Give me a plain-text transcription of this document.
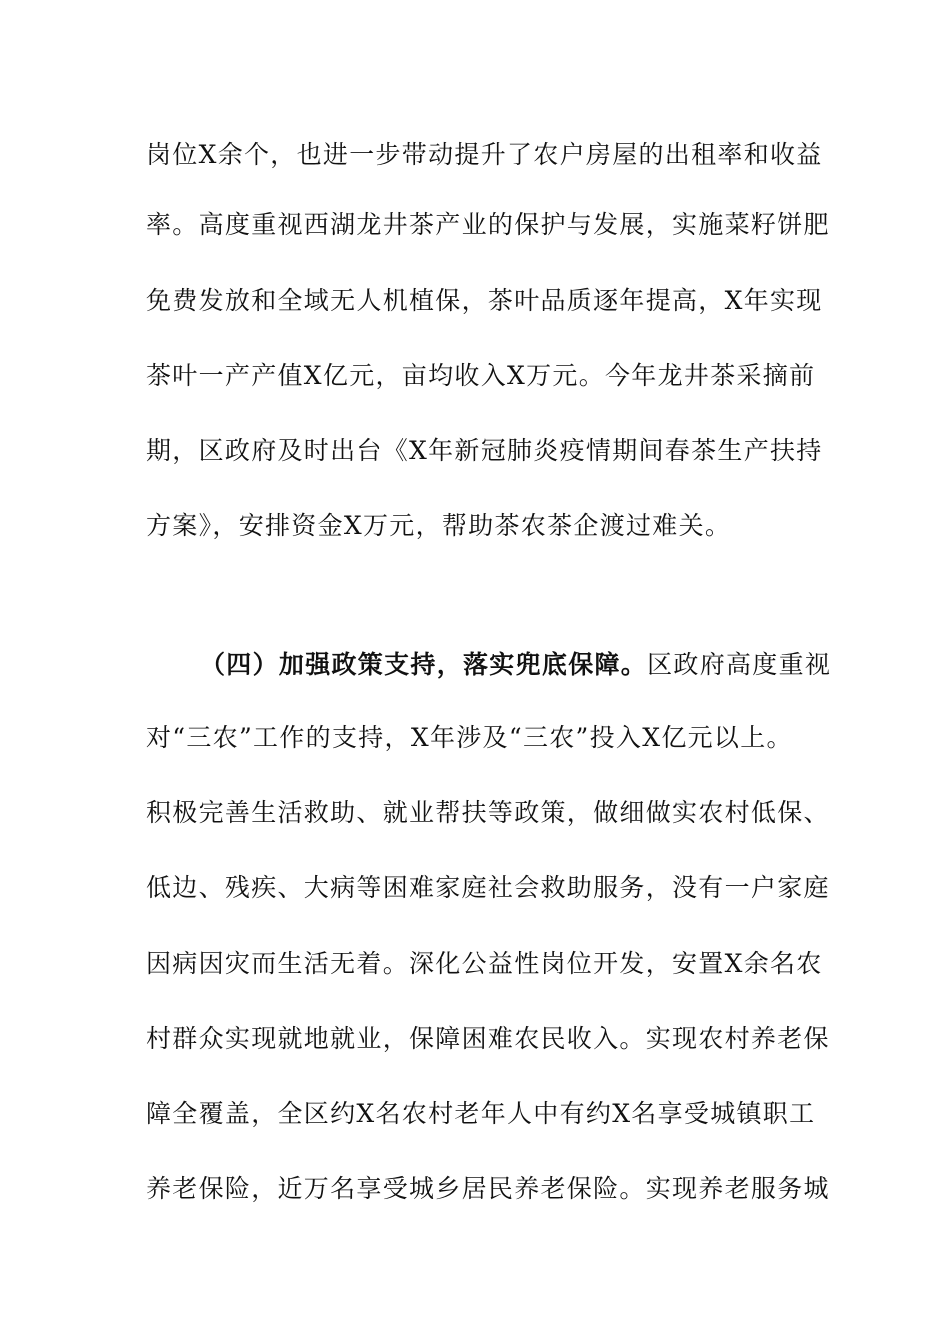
岗位X余个，也进一步带动提升了农户房屋的出租率和收益
率。高度重视西湖龙井茶产业的保护与发展，实施菜籽饼肥
免费发放和全域无人机植保，茶叶品质逐年提高，X年实现
茶叶一产产值X亿元，亩均收入X万元。今年龙井茶采摘前
期，区政府及时出台《X年新冠肺炎疫情期间春茶生产扶持
方案》，安排资金X万元，帮助茶农茶企渡过难关。
（四）加强政策支持，落实兜底保障。区政府高度重视
对“三农”工作的支持，X年涉及“三农”投入X亿元以上。
积极完善生活救助、就业帮扶等政策，做细做实农村低保、
低边、残疾、大病等困难家庭社会救助服务，没有一户家庭
因病因灾而生活无着。深化公益性岗位开发，安置X余名农
村群众实现就地就业，保障困难农民收入。实现农村养老保
障全覆盖，全区约X名农村老年人中有约X名享受城镇职工
养老保险，近万名享受城乡居民养老保险。实现养老服务城
